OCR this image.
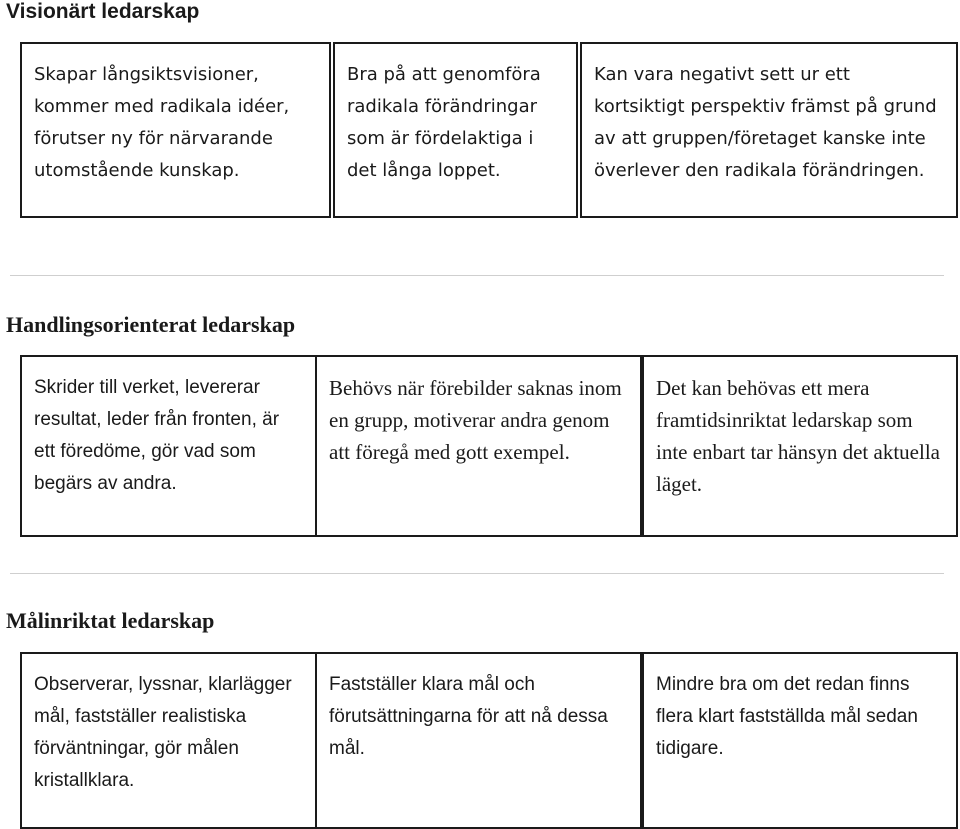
Visionärt ledarskap

Skapar långsiktsvisioner, kommer med radikala idéer, förutser ny för närvarande utomstående kunskap.

Bra på att genomföra radikala förändringar som är fördelaktiga i det långa loppet.

Kan vara negativt sett ur ett kortsiktigt perspektiv främst på grund av att gruppen/företaget kanske inte överlever den radikala förändringen.

Handlingsorienterat ledarskap

Skrider till verket, levererar resultat, leder från fronten, är ett föredöme, gör vad som begärs av andra.

Behövs när förebilder saknas inom en grupp, motiverar andra genom att föregå med gott exempel.

Det kan behövas ett mera framtidsinriktat ledarskap som inte enbart tar hänsyn det aktuella läget.

Målinriktat ledarskap

Observerar, lyssnar, klarlägger mål, fastställer realistiska förväntningar, gör målen kristallklara.

Fastställer klara mål och förutsättningarna för att nå dessa mål.

Mindre bra om det redan finns flera klart fastställda mål sedan tidigare.
